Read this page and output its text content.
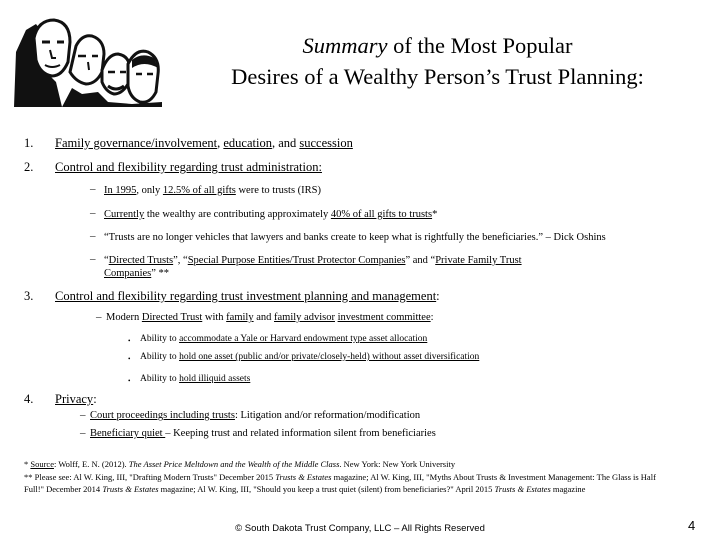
Summary of the Most Popular
Desires of a Wealthy Person’s Trust Planning:
1. Family governance/involvement, education, and succession
2. Control and flexibility regarding trust administration:
– In 1995, only 12.5% of all gifts were to trusts (IRS)
– Currently the wealthy are contributing approximately 40% of all gifts to trusts*
– “Trusts are no longer vehicles that lawyers and banks create to keep what is rightfully the beneficiaries.” – Dick Oshins
– “Directed Trusts”, “Special Purpose Entities/Trust Protector Companies” and “Private Family Trust
Companies” **
3. Control and flexibility regarding trust investment planning and management:
– Modern Directed Trust with family and family advisor investment committee:
• Ability to accommodate a Yale or Harvard endowment type asset allocation
• Ability to hold one asset (public and/or private/closely-held) without asset diversification
• Ability to hold illiquid assets
4. Privacy:
– Court proceedings including trusts: Litigation and/or reformation/modification
– Beneficiary quiet – Keeping trust and related information silent from beneficiaries
* Source: Wolff, E. N. (2012). The Asset Price Meltdown and the Wealth of the Middle Class. New York: New York University
** Please see: Al W. King, III, "Drafting Modern Trusts" December 2015 Trusts & Estates magazine; Al W. King, III, "Myths About Trusts & Investment Management: The Glass is Half Full!" December 2014 Trusts & Estates magazine; Al W. King, III, "Should you keep a trust quiet (silent) from beneficiaries?" April 2015 Trusts & Estates magazine
© South Dakota Trust Company, LLC – All Rights Reserved	4
